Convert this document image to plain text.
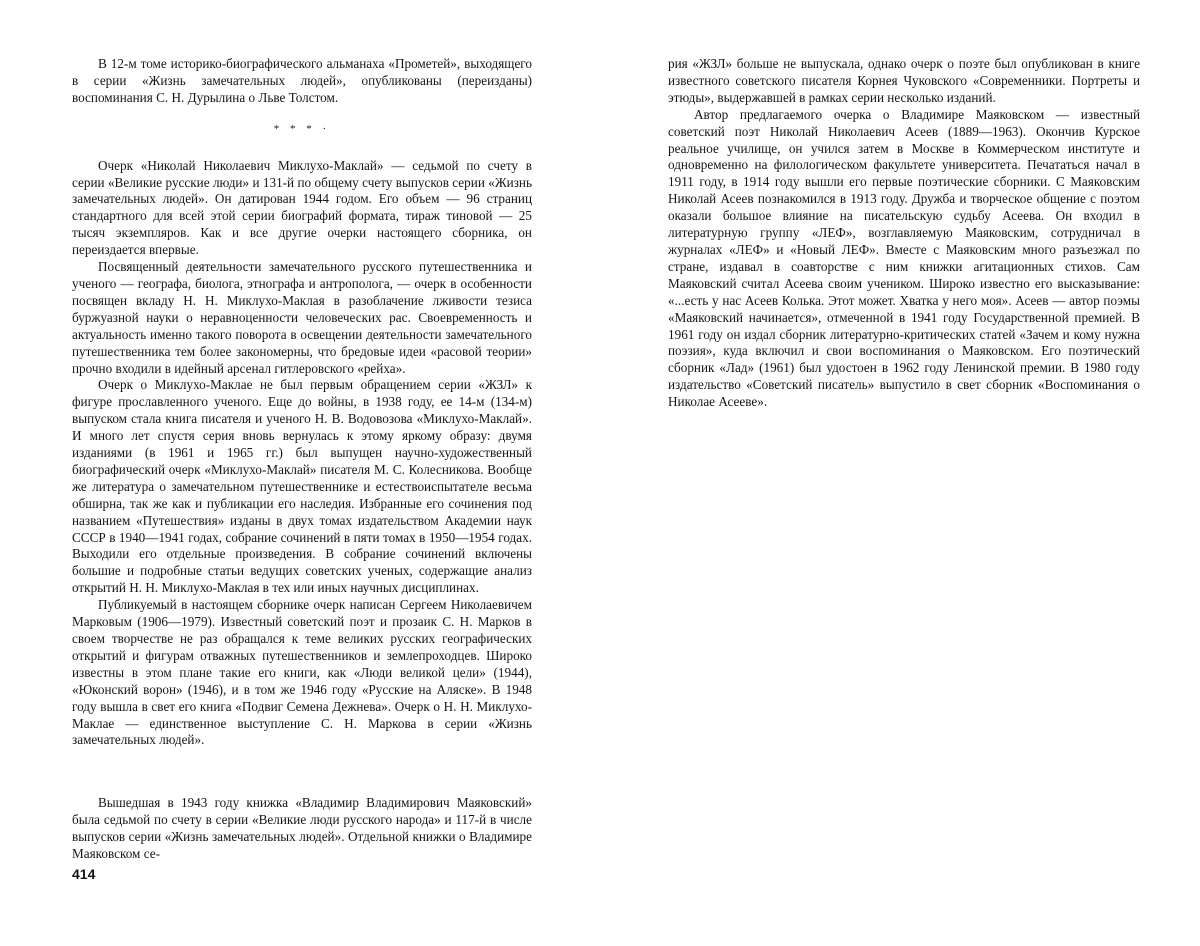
В 12-м томе историко-биографического альманаха «Прометей», выходящего в серии «Жизнь замечательных людей», опубликованы (переизданы) воспоминания С. Н. Дурылина о Льве Толстом.

* * * ·

Очерк «Николай Николаевич Миклухо-Маклай» — седьмой по счету в серии «Великие русские люди» и 131-й по общему счету выпусков серии «Жизнь замечательных людей». Он датирован 1944 годом. Его объем — 96 страниц стандартного для всей этой серии биографий формата, тираж тиновой — 25 тысяч экземпляров. Как и все другие очерки настоящего сборника, он переиздается впервые.

Посвященный деятельности замечательного русского путешественника и ученого — географа, биолога, этнографа и антрополога, — очерк в особенности посвящен вкладу Н. Н. Миклухо-Маклая в разоблачение лживости тезиса буржуазной науки о неравноценности человеческих рас. Своевременность и актуальность именно такого поворота в освещении деятельности замечательного путешественника тем более закономерны, что бредовые идеи «расовой теории» прочно входили в идейный арсенал гитлеровского «рейха».

Очерк о Миклухо-Маклае не был первым обращением серии «ЖЗЛ» к фигуре прославленного ученого. Еще до войны, в 1938 году, ее 14-м (134-м) выпуском стала книга писателя и ученого Н. В. Водовозова «Миклухо-Маклай». И много лет спустя серия вновь вернулась к этому яркому образу: двумя изданиями (в 1961 и 1965 гг.) был выпущен научно-художественный биографический очерк «Миклухо-Маклай» писателя М. С. Колесникова. Вообще же литература о замечательном путешественнике и естествоиспытателе весьма обширна, так же как и публикации его наследия. Избранные его сочинения под названием «Путешествия» изданы в двух томах издательством Академии наук СССР в 1940—1941 годах, собрание сочинений в пяти томах в 1950—1954 годах. Выходили его отдельные произведения. В собрание сочинений включены большие и подробные статьи ведущих советских ученых, содержащие анализ открытий Н. Н. Миклухо-Маклая в тех или иных научных дисциплинах.

Публикуемый в настоящем сборнике очерк написан Сергеем Николаевичем Марковым (1906—1979). Известный советский поэт и прозаик С. Н. Марков в своем творчестве не раз обращался к теме великих русских географических открытий и фигурам отважных путешественников и землепроходцев. Широко известны в этом плане такие его книги, как «Люди великой цели» (1944), «Юконский ворон» (1946), и в том же 1946 году «Русские на Аляске». В 1948 году вышла в свет его книга «Подвиг Семена Дежнева». Очерк о Н. Н. Миклухо-Маклае — единственное выступление С. Н. Маркова в серии «Жизнь замечательных людей».

Вышедшая в 1943 году книжка «Владимир Владимирович Маяковский» была седьмой по счету в серии «Великие люди русского народа» и 117-й в числе выпусков серии «Жизнь замечательных людей». Отдельной книжки о Владимире Маяковском се-

рия «ЖЗЛ» больше не выпускала, однако очерк о поэте был опубликован в книге известного советского писателя Корнея Чуковского «Современники. Портреты и этюды», выдержавшей в рамках серии несколько изданий.

Автор предлагаемого очерка о Владимире Маяковском — известный советский поэт Николай Николаевич Асеев (1889—1963). Окончив Курское реальное училище, он учился затем в Москве в Коммерческом институте и одновременно на филологическом факультете университета. Печататься начал в 1911 году, в 1914 году вышли его первые поэтические сборники. С Маяковским Николай Асеев познакомился в 1913 году. Дружба и творческое общение с поэтом оказали большое влияние на писательскую судьбу Асеева. Он входил в литературную группу «ЛЕФ», возглавляемую Маяковским, сотрудничал в журналах «ЛЕФ» и «Новый ЛЕФ». Вместе с Маяковским много разъезжал по стране, издавал в соавторстве с ним книжки агитационных стихов. Сам Маяковский считал Асеева своим учеником. Широко известно его высказывание: «...есть у нас Асеев Колька. Этот может. Хватка у него моя». Асеев — автор поэмы «Маяковский начинается», отмеченной в 1941 году Государственной премией. В 1961 году он издал сборник литературно-критических статей «Зачем и кому нужна поэзия», куда включил и свои воспоминания о Маяковском. Его поэтический сборник «Лад» (1961) был удостоен в 1962 году Ленинской премии. В 1980 году издательство «Советский писатель» выпустило в свет сборник «Воспоминания о Николае Асееве».

414
